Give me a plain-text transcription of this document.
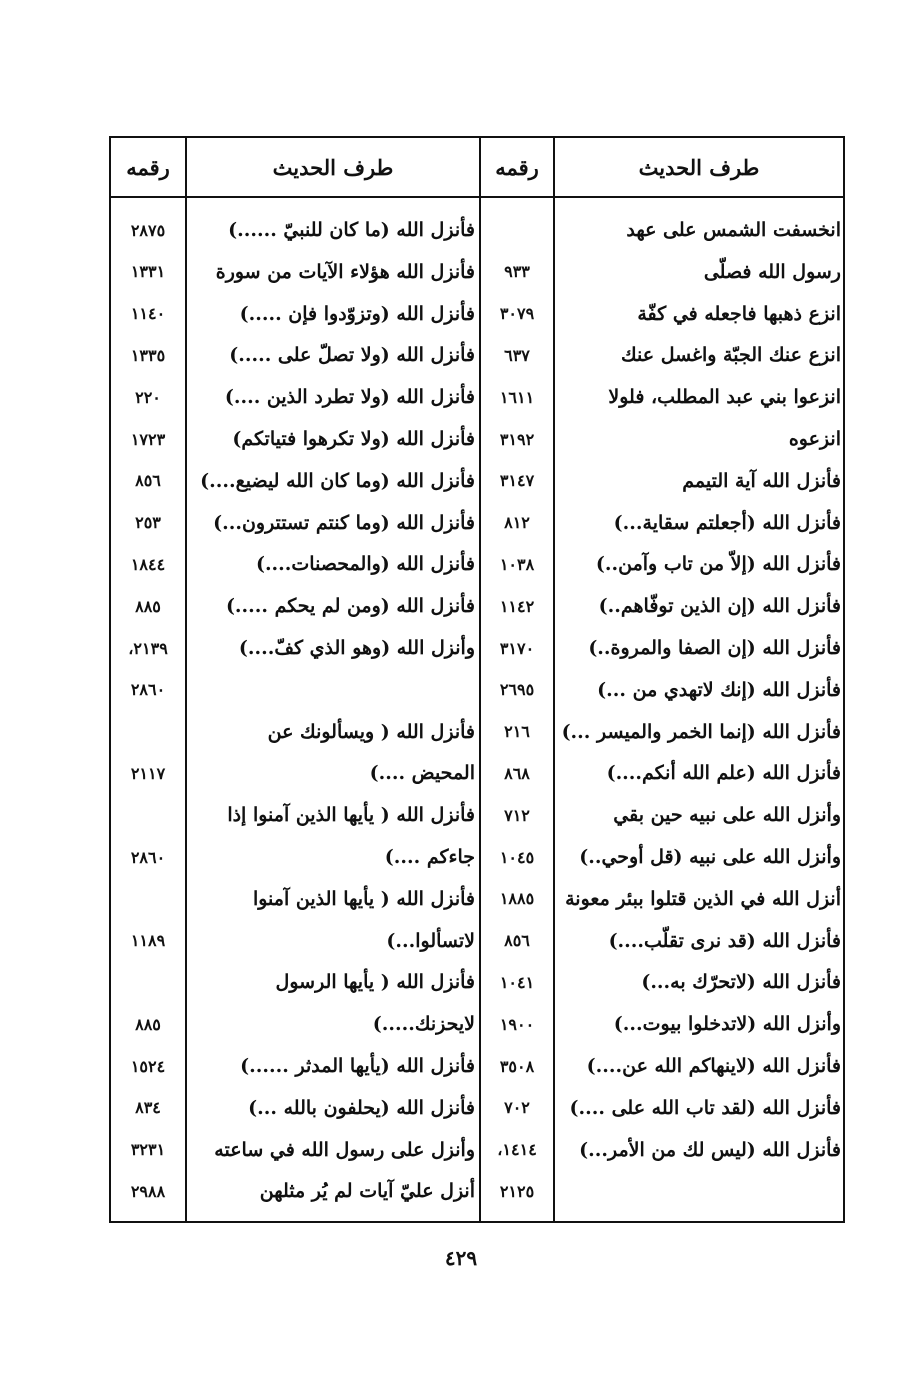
طرف الحديث
رقمه
طرف الحديث
رقمه
انخسفت الشمس على عهد
رسول الله فصلّى
انزع ذهبها فاجعله في كفّة
انزع عنك الجبّة واغسل عنك
انزعوا بني عبد المطلب، فلولا
انزعوه
فأنزل الله آية التيمم
فأنزل الله (أجعلتم سقاية...)
فأنزل الله (إلاّ من تاب وآمن..)
فأنزل الله (إن الذين توفّاهم..)
فأنزل الله (إن الصفا والمروة..)
فأنزل الله (إنك لاتهدي من ...)
فأنزل الله (إنما الخمر والميسر ...)
فأنزل الله (علم الله أنكم....)
وأنزل الله على نبيه حين بقي
وأنزل الله على نبيه (قل أوحي..)
أنزل الله في الذين قتلوا ببئر معونة
فأنزل الله (قد نرى تقلّب....)
فأنزل الله (لاتحرّك به...)
وأنزل الله (لاتدخلوا بيوت...)
فأنزل الله (لاينهاكم الله عن....)
فأنزل الله (لقد تاب الله على ....)
فأنزل الله (ليس لك من الأمر...)
٩٣٣
٣٠٧٩
٦٣٧
١٦١١
٣١٩٢
٣١٤٧
٨١٢
١٠٣٨
١١٤٢
٣١٧٠
٢٦٩٥
٢١٦
٨٦٨
٧١٢
١٠٤٥
١٨٨٥
٨٥٦
١٠٤١
١٩٠٠
٣٥٠٨
٧٠٢
١٤١٤،
٢١٢٥
فأنزل الله (ما كان للنبيّ ......)
فأنزل الله هؤلاء الآيات من سورة
فأنزل الله (وتزوّدوا فإن .....)
فأنزل الله (ولا تصلّ على .....)
فأنزل الله (ولا تطرد الذين ....)
فأنزل الله (ولا تكرهوا فتياتكم)
فأنزل الله (وما كان الله ليضيع....)
فأنزل الله (وما كنتم تستترون...)
فأنزل الله (والمحصنات....)
فأنزل الله (ومن لم يحكم .....)
وأنزل الله (وهو الذي كفّ....)
فأنزل الله ( ويسألونك عن
المحيض ....)
فأنزل الله ( يأيها الذين آمنوا إذا
جاءكم ....)
فأنزل الله ( يأيها الذين آمنوا
لاتسألوا...)
فأنزل الله ( يأيها الرسول
لايحزنك.....)
فأنزل الله (يأيها المدثر ......)
فأنزل الله (يحلفون بالله ...)
وأنزل على رسول الله في ساعته
أنزل عليّ آيات لم يُر مثلهن
٢٨٧٥
١٣٣١
١١٤٠
١٣٣٥
٢٢٠
١٧٢٣
٨٥٦
٢٥٣
١٨٤٤
٨٨٥
٢١٣٩،
٢٨٦٠
٢١١٧
٢٨٦٠
١١٨٩
٨٨٥
١٥٢٤
٨٣٤
٣٢٣١
٢٩٨٨
٤٢٩
